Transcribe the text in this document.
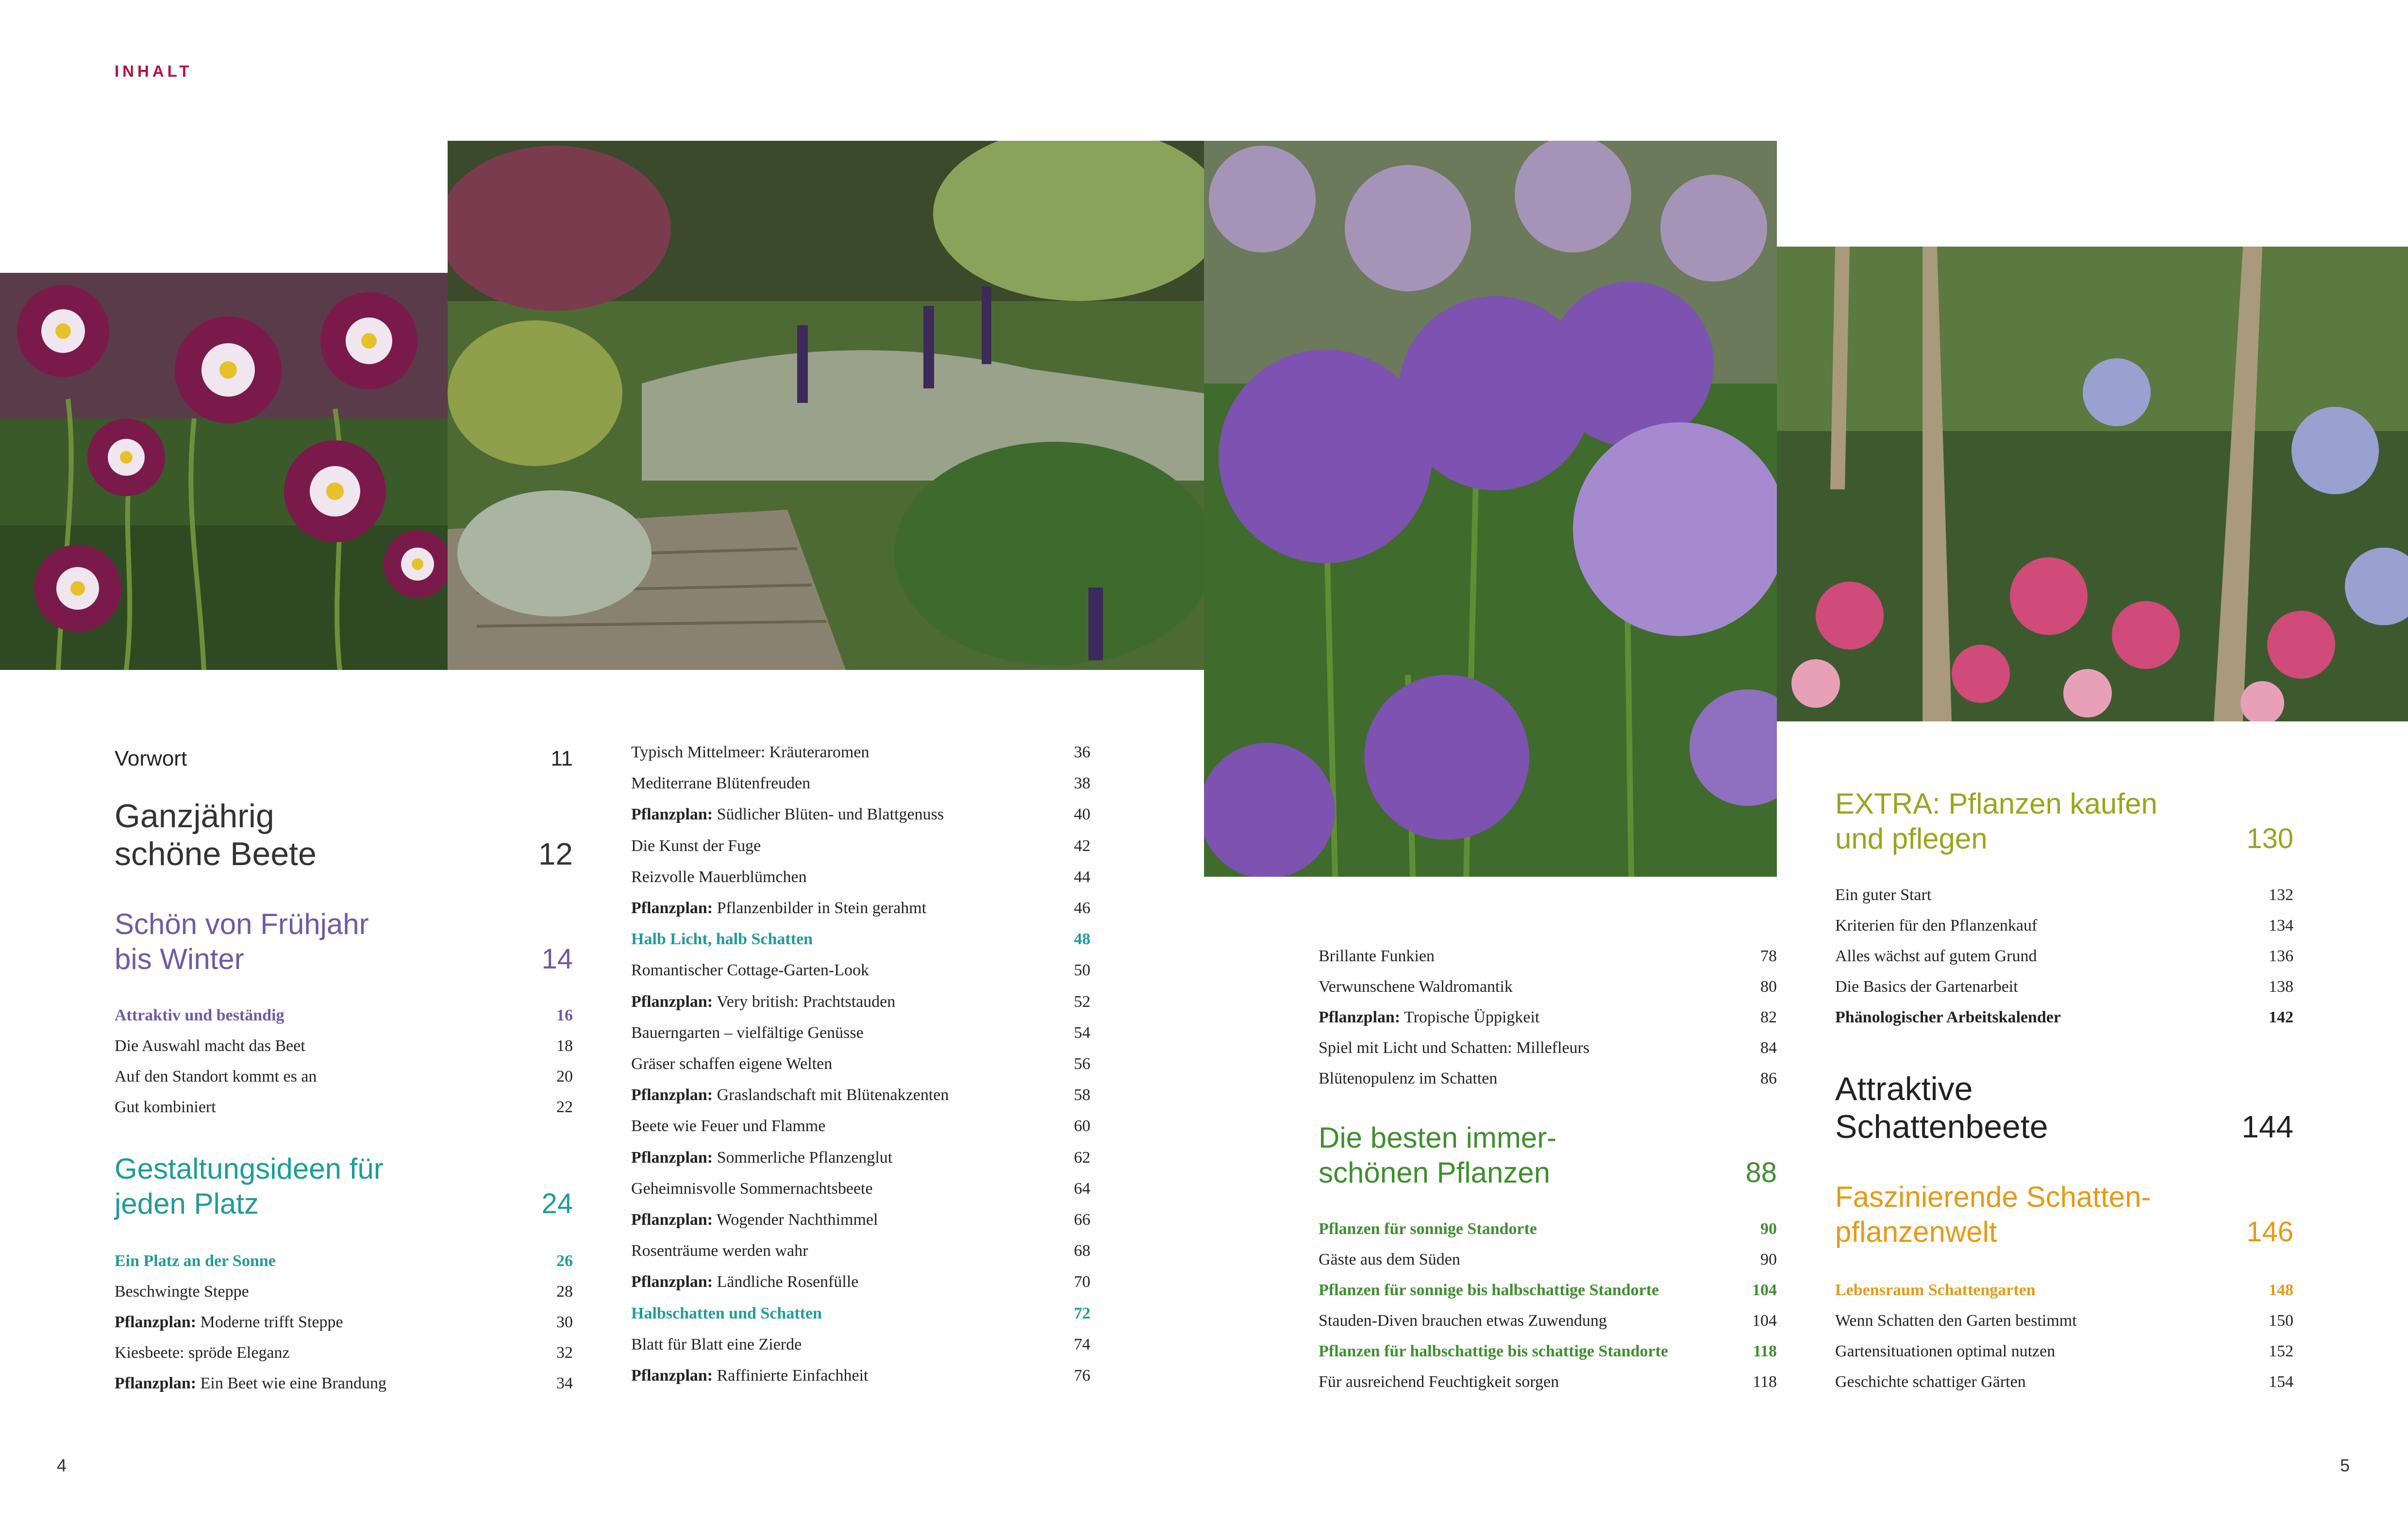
INHALT
4	5
Vorwort	11
Ganzjährig
schöne Beete	12
Schön von Frühjahr
bis Winter	14
Gestaltungsideen für
jeden Platz	24
Attraktiv und beständig	16
Die Auswahl macht das Beet	18
Auf den Standort kommt es an	20
Gut kombiniert	22
Ein Platz an der Sonne	26
Beschwingte Steppe	28
Pflanzplan: Moderne trifft Steppe	30
Kiesbeete: spröde Eleganz	32
Pflanzplan: Ein Beet wie eine Brandung	34
Typisch Mittelmeer: Kräuteraromen	36
Mediterrane Blütenfreuden	38
Pflanzplan: Südlicher Blüten- und Blattgenuss	40
Die Kunst der Fuge	42
Reizvolle Mauerblümchen	44
Pflanzplan: Pflanzenbilder in Stein gerahmt	46
Halb Licht, halb Schatten	48
Romantischer Cottage-Garten-Look	50
Pflanzplan: Very british: Prachtstauden	52
Bauerngarten – vielfältige Genüsse	54
Gräser schaffen eigene Welten	56
Pflanzplan: Graslandschaft mit Blütenakzenten	58
Beete wie Feuer und Flamme	60
Pflanzplan: Sommerliche Pflanzenglut	62
Geheimnisvolle Sommernachtsbeete	64
Pflanzplan: Wogender Nachthimmel	66
Rosenträume werden wahr	68
Pflanzplan: Ländliche Rosenfülle	70
Halbschatten und Schatten	72
Blatt für Blatt eine Zierde	74
Pflanzplan: Raffinierte Einfachheit	76
Die besten immer-
schönen Pflanzen	88
Brillante Funkien	78
Verwunschene Waldromantik	80
Pflanzplan: Tropische Üppigkeit	82
Spiel mit Licht und Schatten: Millefleurs	84
Blütenopulenz im Schatten	86
Pflanzen für sonnige Standorte	90
Gäste aus dem Süden	90
Pflanzen für sonnige bis halbschattige Standorte	104
Stauden-Diven brauchen etwas Zuwendung	104
Pflanzen für halbschattige bis schattige Standorte	118
Für ausreichend Feuchtigkeit sorgen	118
EXTRA: Pflanzen kaufen
und pflegen	130
Attraktive
Schattenbeete	144
Faszinierende Schatten-
pflanzenwelt	146
Ein guter Start	132
Kriterien für den Pflanzenkauf	134
Alles wächst auf gutem Grund	136
Die Basics der Gartenarbeit	138
Phänologischer Arbeitskalender	142
Lebensraum Schattengarten	148
Wenn Schatten den Garten bestimmt	150
Gartensituationen optimal nutzen	152
Geschichte schattiger Gärten	154
